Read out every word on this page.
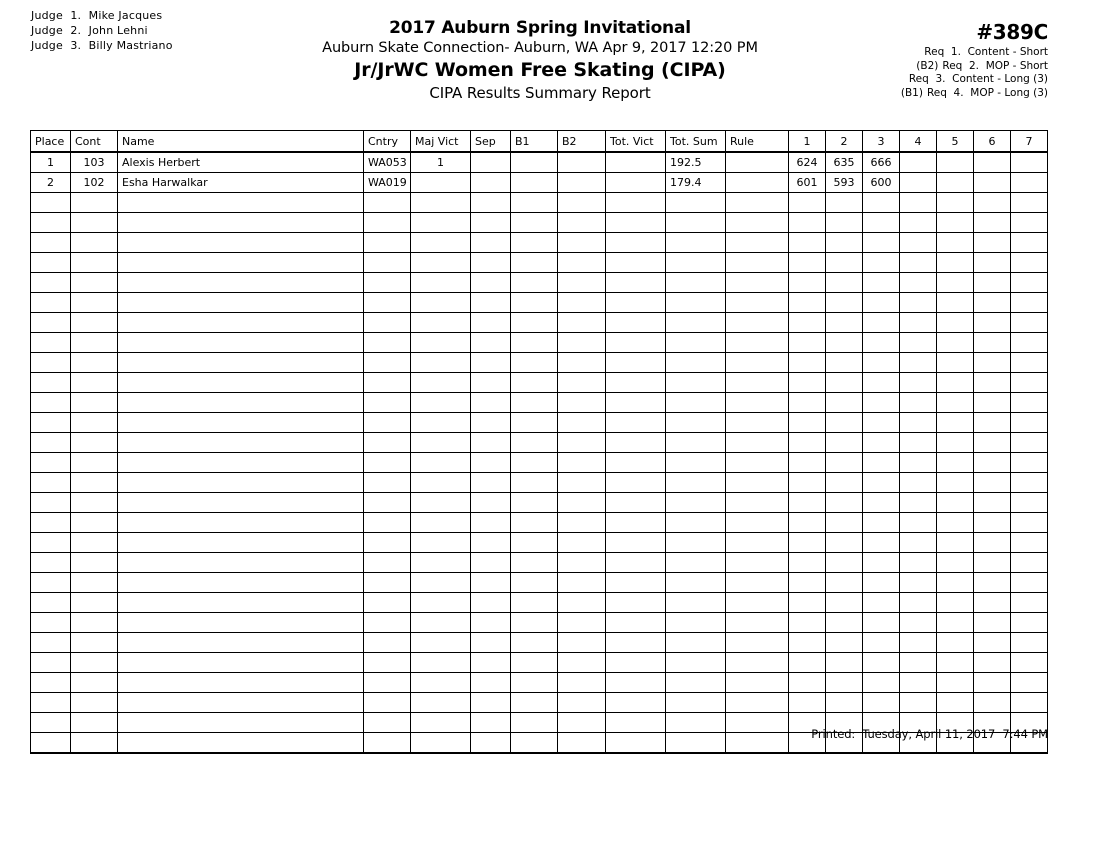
Judge  1.  Mike Jacques
Judge  2.  John Lehni
Judge  3.  Billy Mastriano
2017 Auburn Spring Invitational
Auburn Skate Connection- Auburn, WA Apr 9, 2017 12:20 PM
Jr/JrWC Women Free Skating (CIPA)
CIPA Results Summary Report
#389C
Req  1.  Content - Short
(B2) Req  2.  MOP - Short
Req  3.  Content - Long (3)
(B1) Req  4.  MOP - Long (3)
Place	Cont	Name	Cntry	Maj Vict	Sep	B1	B2	Tot. Vict	Tot. Sum	Rule	1	2	3	4	5	6	7
1	103	Alexis Herbert	WA053	1					192.5		624	635	666				
2	102	Esha Harwalkar	WA019						179.4		601	593	600				

Printed:  Tuesday, April 11, 2017  7:44 PM
